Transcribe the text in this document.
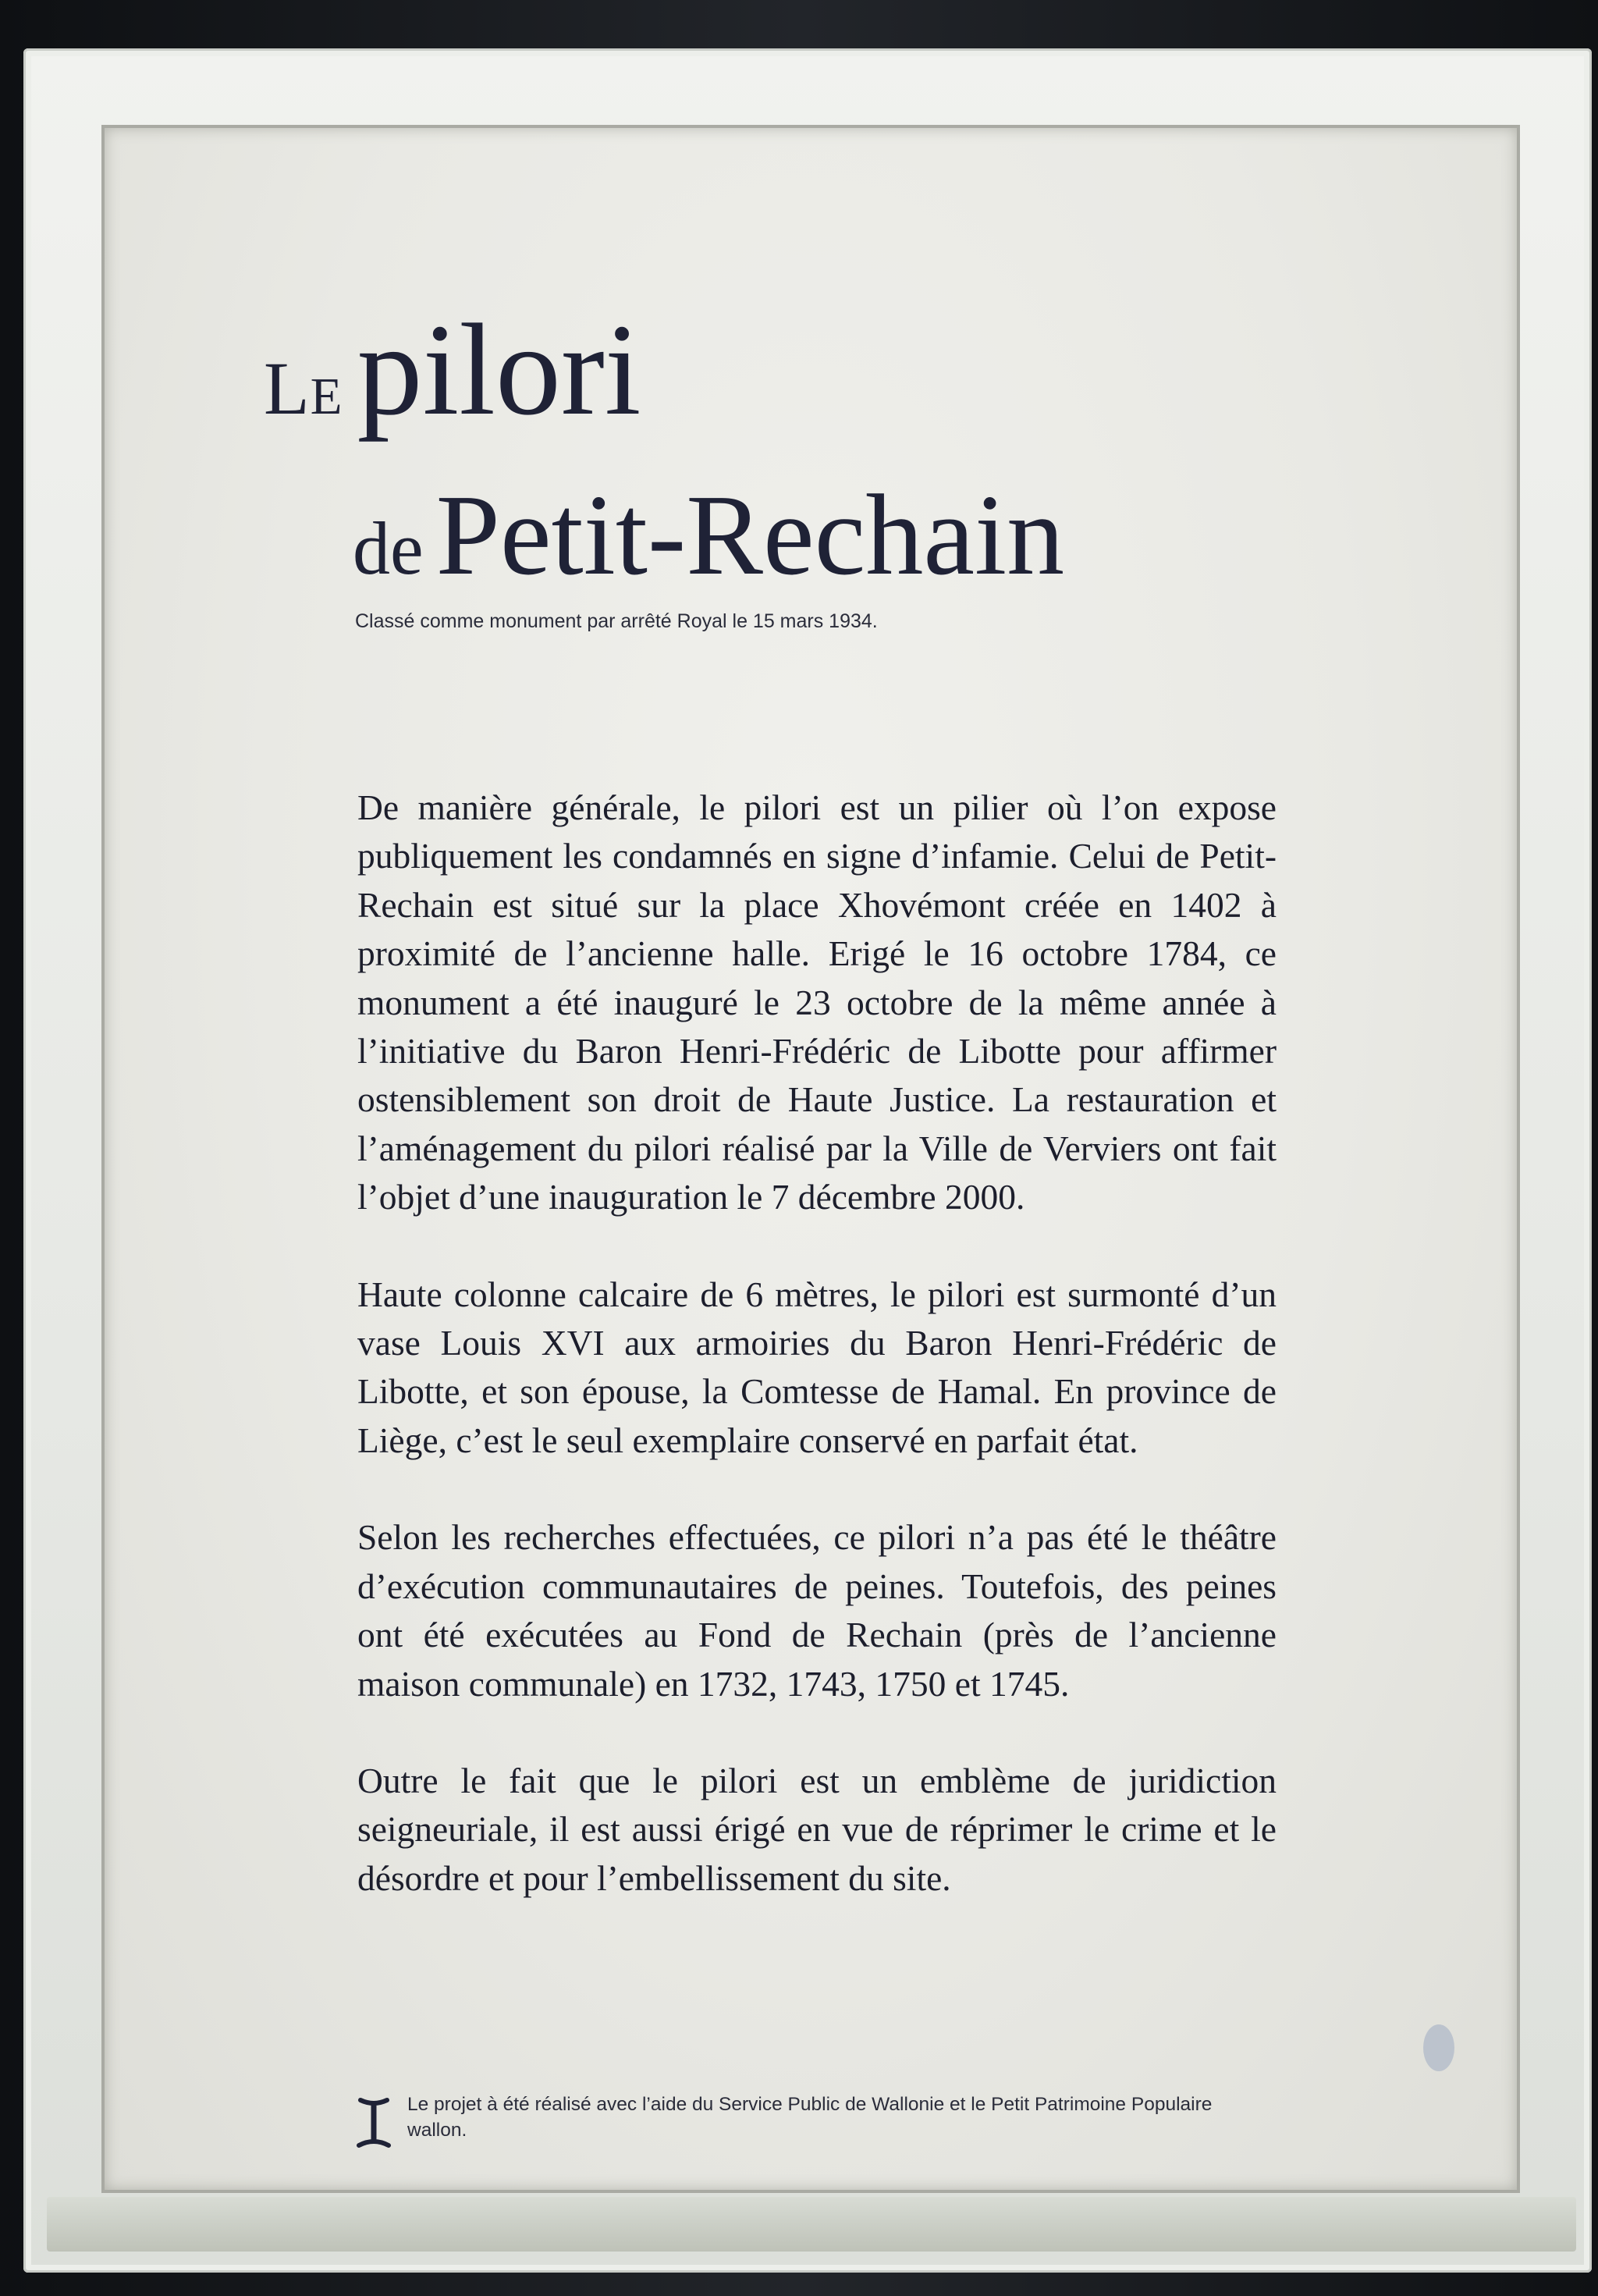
Le pilori
de Petit-Rechain
Classé comme monument par arrêté Royal le 15 mars 1934.

De manière générale, le pilori est un pilier où l’on expose publiquement les condamnés en signe d’infamie. Celui de Petit-Rechain est situé sur la place Xhovémont créée en 1402 à proximité de l’ancienne halle. Erigé le 16 octobre 1784, ce monument a été inauguré le 23 octobre de la même année à l’initiative du Baron Henri-Frédéric de Libotte pour affirmer ostensiblement son droit de Haute Justice. La restauration et l’aménagement du pilori réalisé par la Ville de Verviers ont fait l’objet d’une inauguration le 7 décembre 2000.

Haute colonne calcaire de 6 mètres, le pilori est surmonté d’un vase Louis XVI aux armoiries du Baron Henri-Frédéric de Libotte, et son épouse, la Comtesse de Hamal. En province de Liège, c’est le seul exemplaire conservé en parfait état.

Selon les recherches effectuées, ce pilori n’a pas été le théâtre d’exécution communautaires de peines. Toutefois, des peines ont été exécutées au Fond de Rechain (près de l’ancienne maison communale) en 1732, 1743, 1750 et 1745.

Outre le fait que le pilori est un emblème de juridiction seigneuriale, il est aussi érigé en vue de réprimer le crime et le désordre et pour l’embellissement du site.

Le projet à été réalisé avec l’aide du Service Public de Wallonie et le Petit Patrimoine Populaire wallon.
